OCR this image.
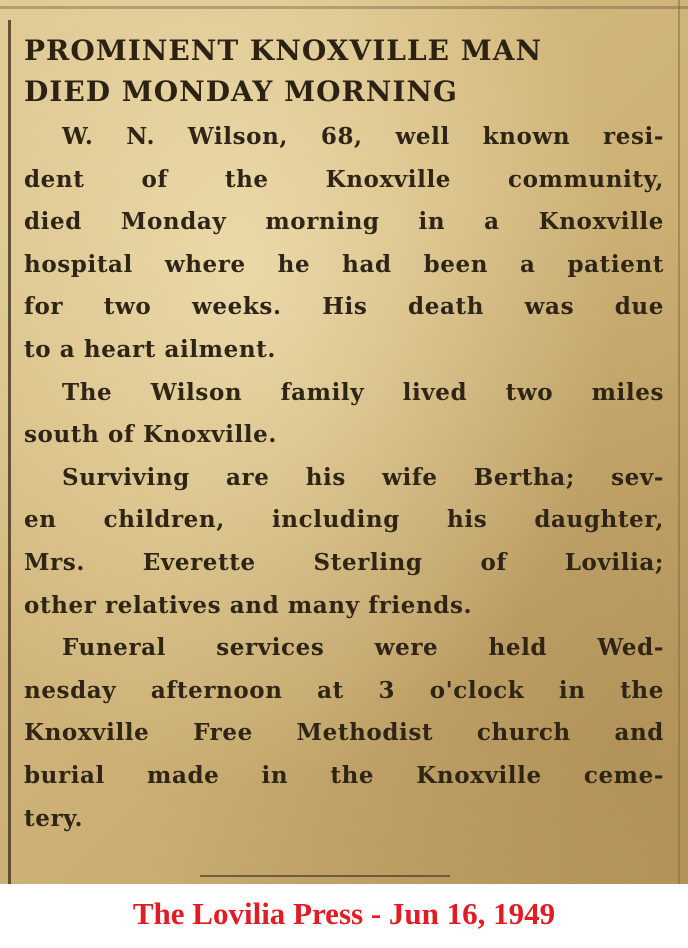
PROMINENT KNOXVILLE MAN
DIED MONDAY MORNING

W. N. Wilson, 68, well known resi-
dent of the Knoxville community,
died Monday morning in a Knoxville
hospital where he had been a patient
for two weeks. His death was due
to a heart ailment.

The Wilson family lived two miles
south of Knoxville.

Surviving are his wife Bertha; sev-
en children, including his daughter,
Mrs. Everette Sterling of Lovilia;
other relatives and many friends.

Funeral services were held Wed-
nesday afternoon at 3 o'clock in the
Knoxville Free Methodist church and
burial made in the Knoxville ceme-
tery.

The Lovilia Press - Jun 16, 1949
